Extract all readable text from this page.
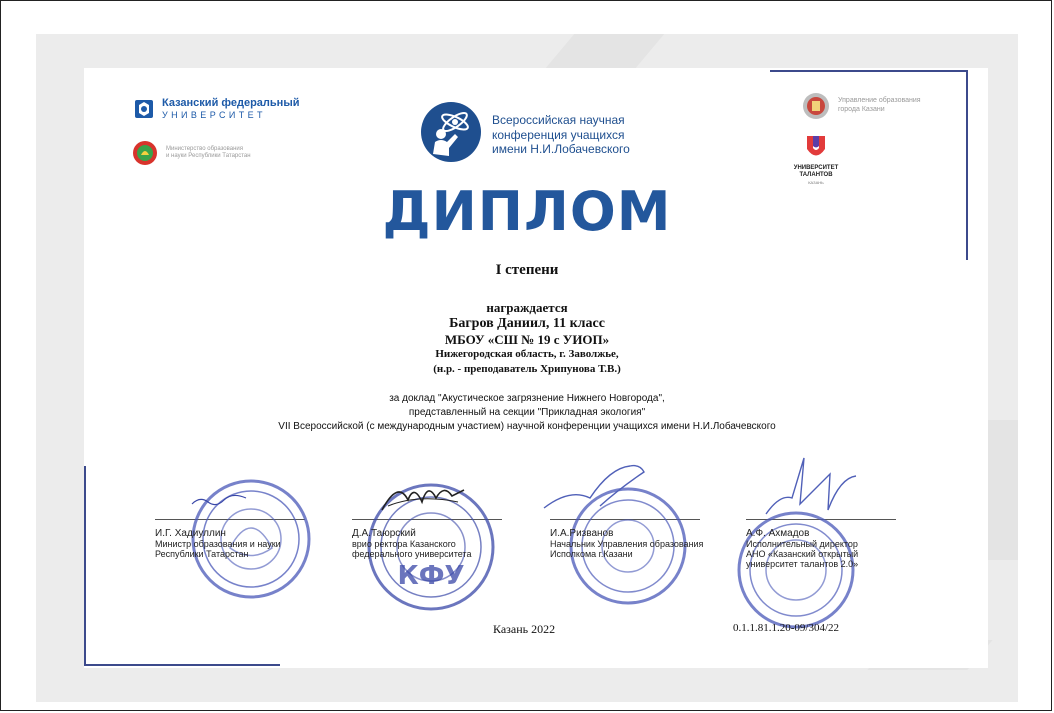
Казанский федеральный
УНИВЕРСИТЕТ
Министерство образования
и науки Республики Татарстан
Всероссийская научная
конференция учащихся
имени Н.И.Лобачевского
Управление образования
города Казани
УНИВЕРСИТЕТ
ТАЛАНТОВ
КАЗАНЬ
ДИПЛОМ
I степени
награждается
Багров Даниил, 11 класс
МБОУ «СШ № 19 с УИОП»
Нижегородская область, г. Заволжье,
(н.р. - преподаватель Хрипунова Т.В.)
за доклад "Акустическое загрязнение Нижнего Новгорода",
представленный на секции "Прикладная экология"
VII Всероссийской (с международным участием) научной конференции учащихся имени Н.И.Лобачевского
КФУ
И.Г. Хадиуллин
Министр образования и науки
Республики Татарстан
Д.А.Таюрский
врио ректора Казанского
федерального университета
И.А.Ризванов
Начальник Управления образования
Исполкома г.Казани
А.Ф. Ахмадов
Исполнительный директор
АНО «Казанский открытый
университет талантов 2.0»
Казань 2022	0.1.1.81.1.20-09/304/22
